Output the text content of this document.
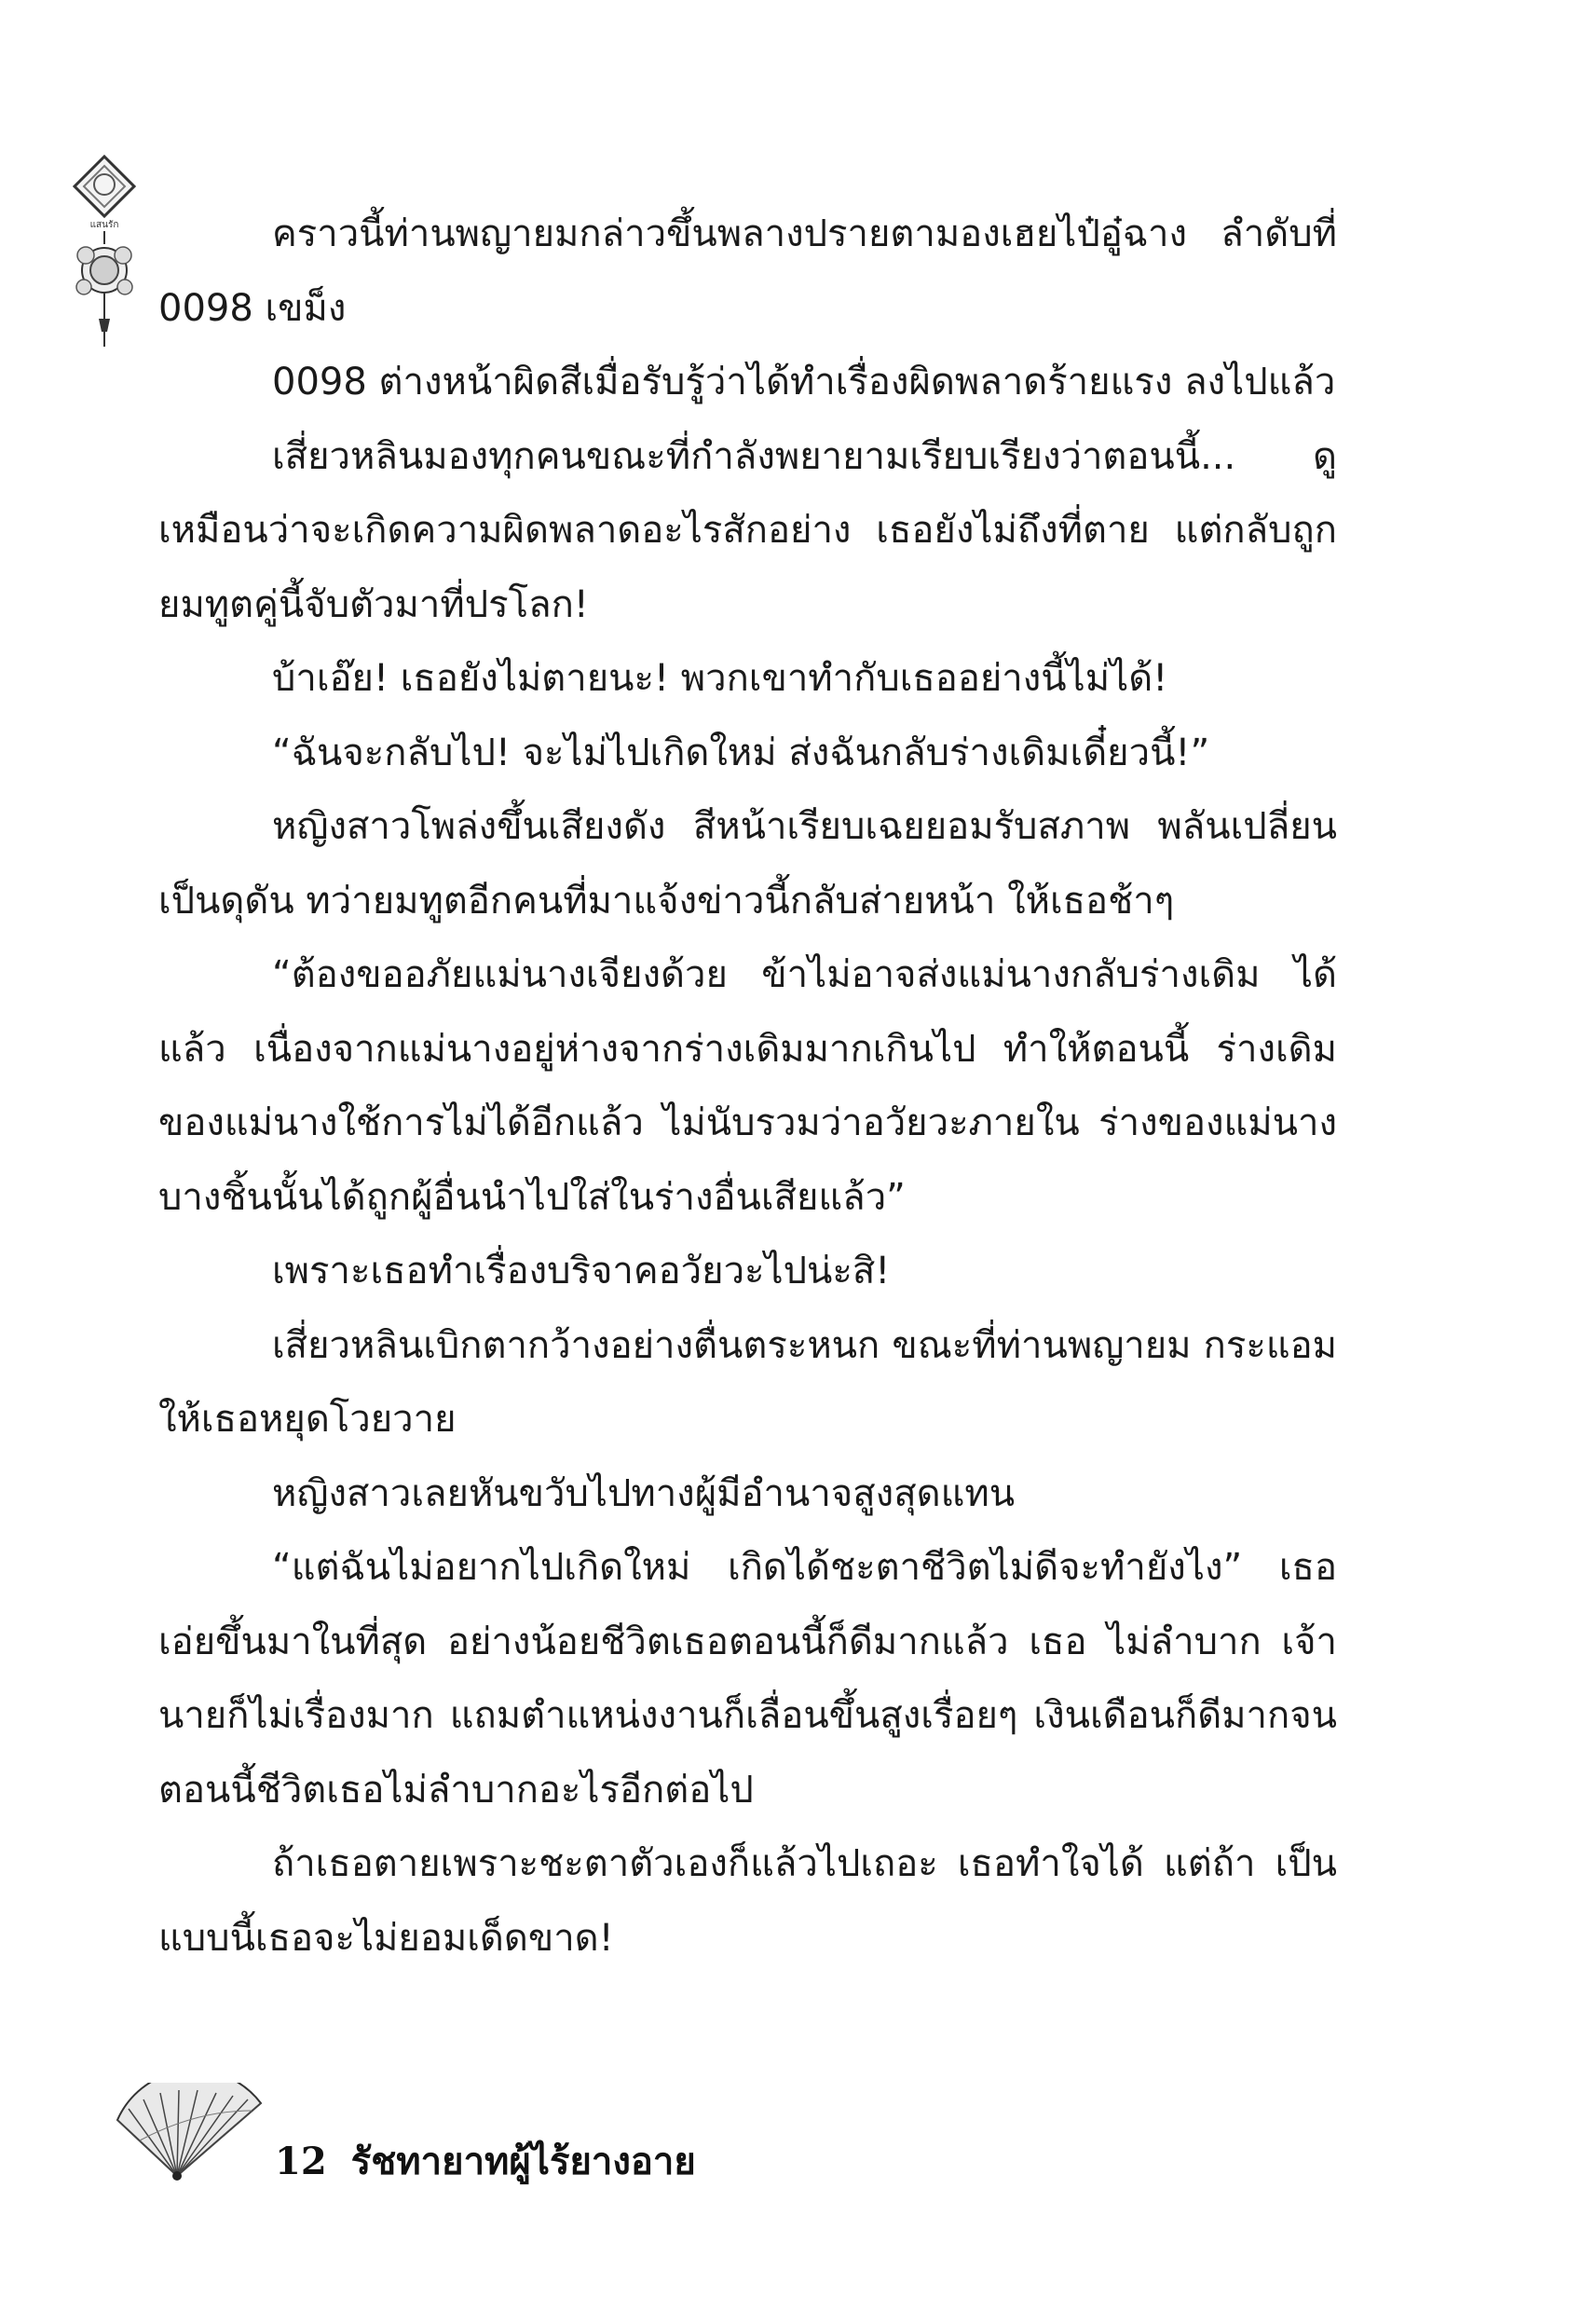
แสนรัก	คราวนี้ท่านพญายมกล่าวขึ้นพลางปรายตามองเฮยไป๋อู๋ฉาง ลำดับที่ 0098 เขม็ง

0098 ต่างหน้าผิดสีเมื่อรับรู้ว่าได้ทำเรื่องผิดพลาดร้ายแรง ลงไปแล้ว

เสี่ยวหลินมองทุกคนขณะที่กำลังพยายามเรียบเรียงว่าตอนนี้... ดูเหมือนว่าจะเกิดความผิดพลาดอะไรสักอย่าง เธอยังไม่ถึงที่ตาย แต่กลับถูกยมทูตคู่นี้จับตัวมาที่ปรโลก!

บ้าเอ๊ย! เธอยังไม่ตายนะ! พวกเขาทำกับเธออย่างนี้ไม่ได้!

“ฉันจะกลับไป! จะไม่ไปเกิดใหม่ ส่งฉันกลับร่างเดิมเดี๋ยวนี้!”

หญิงสาวโพล่งขึ้นเสียงดัง สีหน้าเรียบเฉยยอมรับสภาพ พลันเปลี่ยนเป็นดุดัน ทว่ายมทูตอีกคนที่มาแจ้งข่าวนี้กลับส่ายหน้า ให้เธอช้าๆ

“ต้องขออภัยแม่นางเจียงด้วย ข้าไม่อาจส่งแม่นางกลับร่างเดิม ได้แล้ว เนื่องจากแม่นางอยู่ห่างจากร่างเดิมมากเกินไป ทำให้ตอนนี้ ร่างเดิมของแม่นางใช้การไม่ได้อีกแล้ว ไม่นับรวมว่าอวัยวะภายใน ร่างของแม่นางบางชิ้นนั้นได้ถูกผู้อื่นนำไปใส่ในร่างอื่นเสียแล้ว”

เพราะเธอทำเรื่องบริจาคอวัยวะไปน่ะสิ!

เสี่ยวหลินเบิกตากว้างอย่างตื่นตระหนก ขณะที่ท่านพญายม กระแอมให้เธอหยุดโวยวาย

หญิงสาวเลยหันขวับไปทางผู้มีอำนาจสูงสุดแทน

“แต่ฉันไม่อยากไปเกิดใหม่ เกิดได้ชะตาชีวิตไม่ดีจะทำยังไง” เธอเอ่ยขึ้นมาในที่สุด อย่างน้อยชีวิตเธอตอนนี้ก็ดีมากแล้ว เธอ ไม่ลำบาก เจ้านายก็ไม่เรื่องมาก แถมตำแหน่งงานก็เลื่อนขึ้นสูงเรื่อยๆ เงินเดือนก็ดีมากจนตอนนี้ชีวิตเธอไม่ลำบากอะไรอีกต่อไป

ถ้าเธอตายเพราะชะตาตัวเองก็แล้วไปเถอะ เธอทำใจได้ แต่ถ้า เป็นแบบนี้เธอจะไม่ยอมเด็ดขาด!

12 รัชทายาทผู้ไร้ยางอาย
